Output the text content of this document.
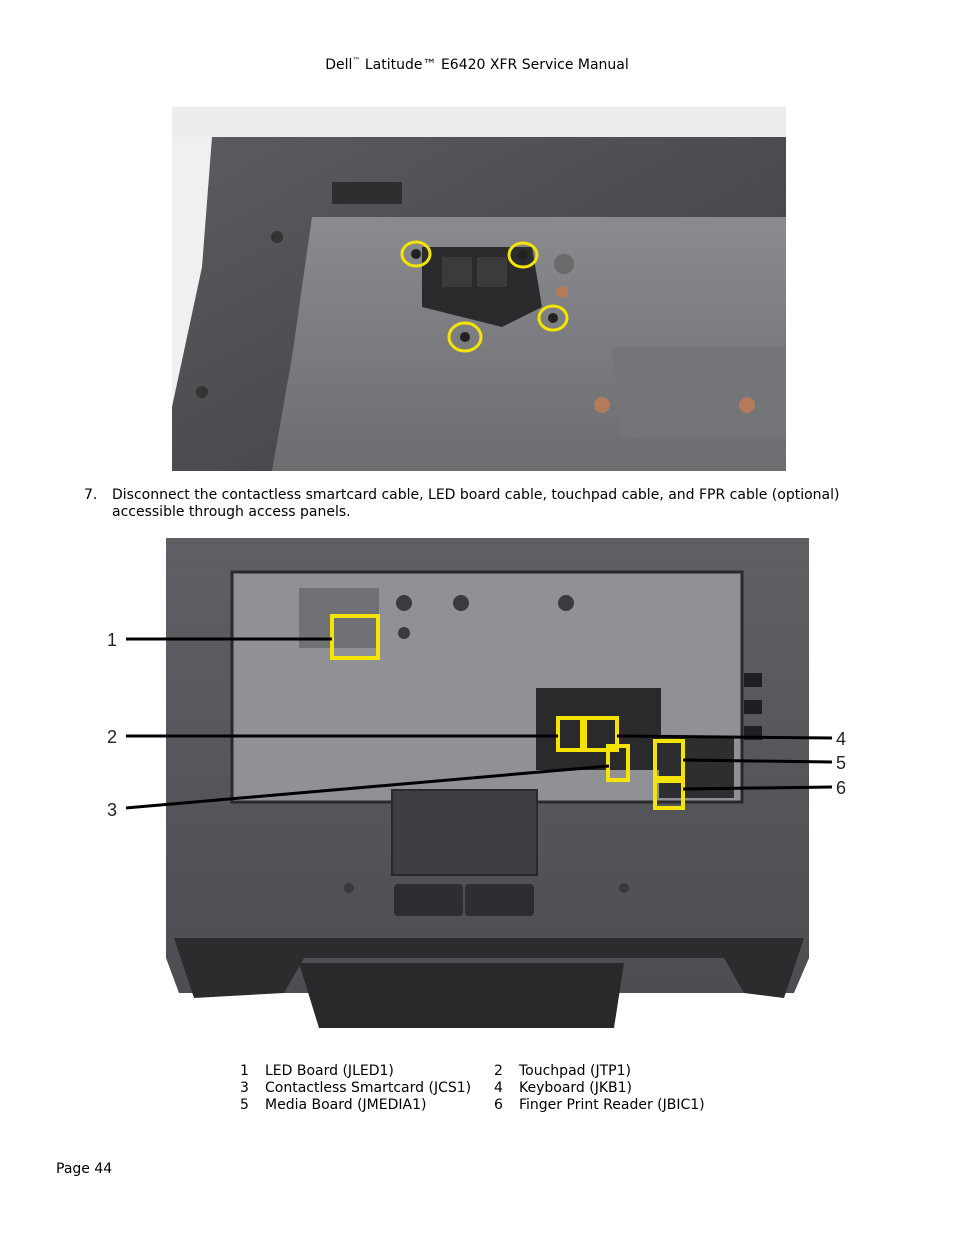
Dell™ Latitude™ E6420 XFR Service Manual
7. Disconnect the contactless smartcard cable, LED board cable, touchpad cable, and FPR cable (optional) accessible through access panels.
1
2
3
4
5
6
1 LED Board (JLED1)	2 Touchpad (JTP1)
3 Contactless Smartcard (JCS1) 4 Keyboard (JKB1)
5 Media Board (JMEDIA1)	6 Finger Print Reader (JBIC1)
Page 44
